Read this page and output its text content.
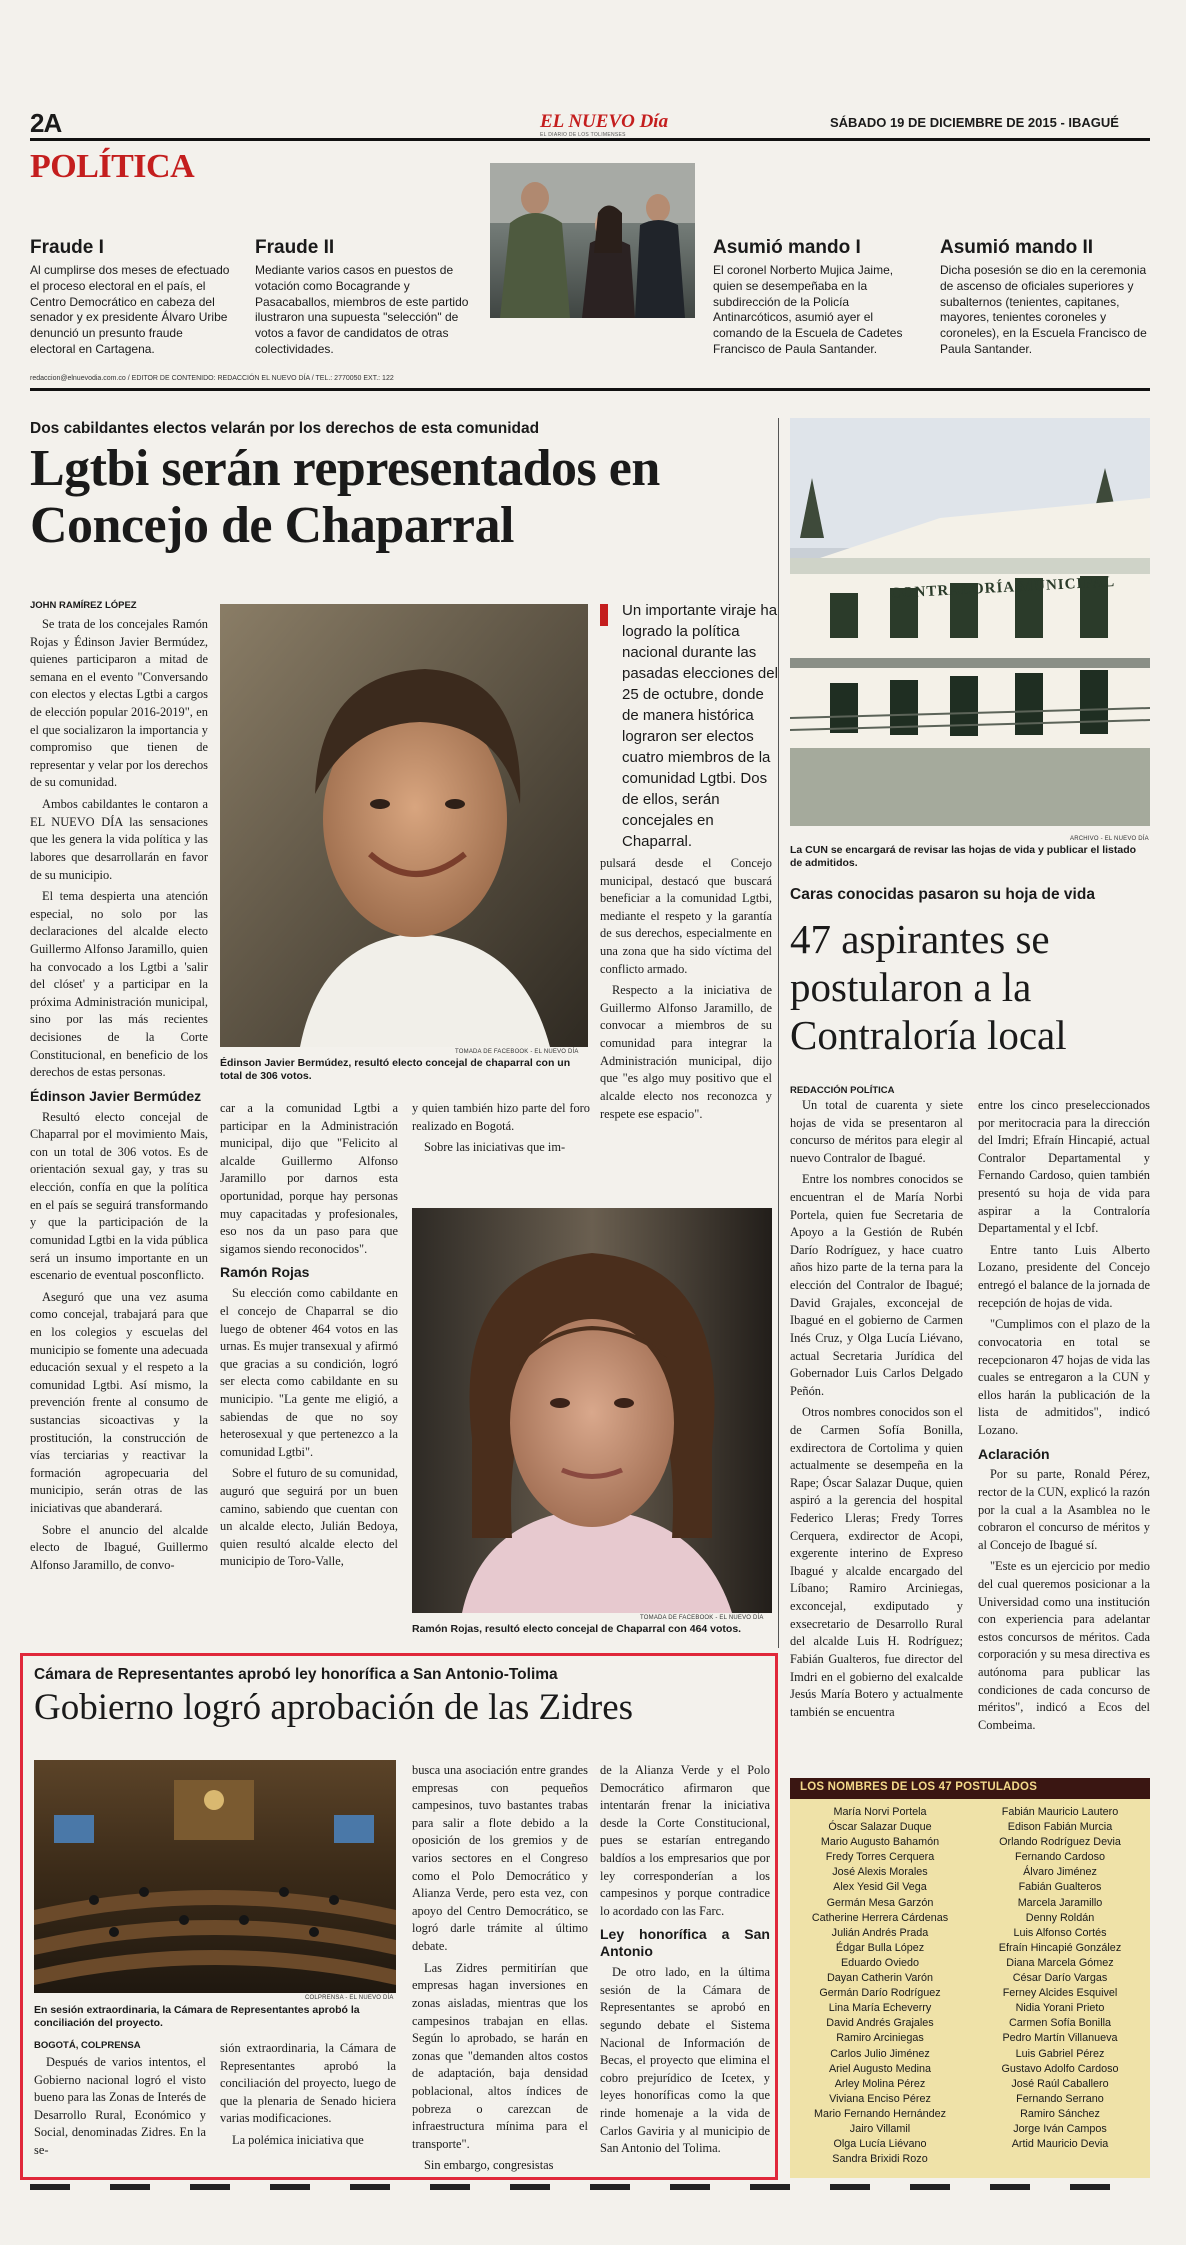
2A	EL NUEVO Día
EL DIARIO DE LOS TOLIMENSES
SÁBADO 19 DE DICIEMBRE DE 2015 - IBAGUÉ
POLÍTICA
Fraude I

Al cumplirse dos meses de efectuado el proceso electoral en el país, el Centro Democrático en cabeza del senador y ex presidente Álvaro Uribe denunció un presunto fraude electoral en Cartagena.

Fraude II

Mediante varios casos en puestos de votación como Bocagrande y Pasacaballos, miembros de este partido ilustraron una supuesta "selección" de votos a favor de candidatos de otras colectividades.

Asumió mando I

El coronel Norberto Mujica Jaime, quien se desempeñaba en la subdirección de la Policía Antinarcóticos, asumió ayer el comando de la Escuela de Cadetes Francisco de Paula Santander.

Asumió mando II

Dicha posesión se dio en la ceremonia de ascenso de oficiales superiores y subalternos (tenientes, capitanes, mayores, tenientes coroneles y coroneles), en la Escuela Francisco de Paula Santander.

redaccion@elnuevodia.com.co / EDITOR DE CONTENIDO: REDACCIÓN EL NUEVO DÍA / TEL.: 2770050 EXT.: 122
Dos cabildantes electos velarán por los derechos de esta comunidad
Lgtbi serán representados en Concejo de Chaparral
JOHN RAMÍREZ LÓPEZ

Se trata de los concejales Ramón Rojas y Édinson Javier Bermúdez, quienes participaron a mitad de semana en el evento "Conversando con electos y electas Lgtbi a cargos de elección popular 2016-2019", en el que socializaron la importancia y compromiso que tienen de representar y velar por los derechos de su comunidad.

Ambos cabildantes le contaron a EL NUEVO DÍA las sensaciones que les genera la vida política y las labores que desarrollarán en favor de su municipio.

El tema despierta una atención especial, no solo por las declaraciones del alcalde electo Guillermo Alfonso Jaramillo, quien ha convocado a los Lgtbi a 'salir del clóset' y a participar en la próxima Administración municipal, sino por las más recientes decisiones de la Corte Constitucional, en beneficio de los derechos de estas personas.

Édinson Javier Bermúdez

Resultó electo concejal de Chaparral por el movimiento Mais, con un total de 306 votos. Es de orientación sexual gay, y tras su elección, confía en que la política en el país se seguirá transformando y que la participación de la comunidad Lgtbi en la vida pública será un insumo importante en un escenario de eventual posconflicto.

Aseguró que una vez asuma como concejal, trabajará para que en los colegios y escuelas del municipio se fomente una adecuada educación sexual y el respeto a la comunidad Lgtbi. Así mismo, la prevención frente al consumo de sustancias sicoactivas y la prostitución, la construcción de vías terciarias y reactivar la formación agropecuaria del municipio, serán otras de las iniciativas que abanderará.

Sobre el anuncio del alcalde electo de Ibagué, Guillermo Alfonso Jaramillo, de convo-

TOMADA DE FACEBOOK - EL NUEVO DÍA
Édinson Javier Bermúdez, resultó electo concejal de chaparral con un total de 306 votos.
Un importante viraje ha logrado la política nacional durante las pasadas elecciones del 25 de octubre, donde de manera histórica lograron ser electos cuatro miembros de la comunidad Lgtbi. Dos de ellos, serán concejales en Chaparral.

pulsará desde el Concejo municipal, destacó que buscará beneficiar a la comunidad Lgtbi, mediante el respeto y la garantía de sus derechos, especialmente en una zona que ha sido víctima del conflicto armado.

Respecto a la iniciativa de Guillermo Alfonso Jaramillo, de convocar a miembros de su comunidad para integrar la Administración municipal, dijo que "es algo muy positivo que el alcalde electo nos reconozca y respete ese espacio".

car a la comunidad Lgtbi a participar en la Administración municipal, dijo que "Felicito al alcalde Guillermo Alfonso Jaramillo por darnos esta oportunidad, porque hay personas muy capacitadas y profesionales, eso nos da un paso para que sigamos siendo reconocidos".

Ramón Rojas

Su elección como cabildante en el concejo de Chaparral se dio luego de obtener 464 votos en las urnas. Es mujer transexual y afirmó que gracias a su condición, logró ser electa como cabildante en su municipio. "La gente me eligió, a sabiendas de que no soy heterosexual y que pertenezco a la comunidad Lgtbi".

Sobre el futuro de su comunidad, auguró que seguirá por un buen camino, sabiendo que cuentan con un alcalde electo, Julián Bedoya, quien resultó alcalde electo del municipio de Toro-Valle,

y quien también hizo parte del foro realizado en Bogotá.

Sobre las iniciativas que im-

TOMADA DE FACEBOOK - EL NUEVO DÍA
Ramón Rojas, resultó electo concejal de Chaparral con 464 votos.
CONTRALORÍA MUNICIPAL
ARCHIVO - EL NUEVO DÍA
La CUN se encargará de revisar las hojas de vida y publicar el listado de admitidos.
Caras conocidas pasaron su hoja de vida
47 aspirantes se postularon a la Contraloría local
REDACCIÓN POLÍTICA

Un total de cuarenta y siete hojas de vida se presentaron al concurso de méritos para elegir al nuevo Contralor de Ibagué.

Entre los nombres conocidos se encuentran el de María Norbi Portela, quien fue Secretaria de Apoyo a la Gestión de Rubén Darío Rodríguez, y hace cuatro años hizo parte de la terna para la elección del Contralor de Ibagué; David Grajales, exconcejal de Ibagué en el gobierno de Carmen Inés Cruz, y Olga Lucía Liévano, actual Secretaria Jurídica del Gobernador Luis Carlos Delgado Peñón.

Otros nombres conocidos son el de Carmen Sofía Bonilla, exdirectora de Cortolima y quien actualmente se desempeña en la Rape; Óscar Salazar Duque, quien aspiró a la gerencia del hospital Federico Lleras; Fredy Torres Cerquera, exdirector de Acopi, exgerente interino de Expreso Ibagué y alcalde encargado del Líbano; Ramiro Arciniegas, exconcejal, exdiputado y exsecretario de Desarrollo Rural del alcalde Luis H. Rodríguez; Fabián Gualteros, fue director del Imdri en el gobierno del exalcalde Jesús María Botero y actualmente también se encuentra

entre los cinco preseleccionados por meritocracia para la dirección del Imdri; Efraín Hincapié, actual Contralor Departamental y Fernando Cardoso, quien también presentó su hoja de vida para aspirar a la Contraloría Departamental y el Icbf.

Entre tanto Luis Alberto Lozano, presidente del Concejo entregó el balance de la jornada de recepción de hojas de vida.

"Cumplimos con el plazo de la convocatoria en total se recepcionaron 47 hojas de vida las cuales se entregaron a la CUN y ellos harán la publicación de la lista de admitidos", indicó Lozano.

Aclaración

Por su parte, Ronald Pérez, rector de la CUN, explicó la razón por la cual a la Asamblea no le cobraron el concurso de méritos y al Concejo de Ibagué sí.

"Este es un ejercicio por medio del cual queremos posicionar a la Universidad como una institución con experiencia para adelantar estos concursos de méritos. Cada corporación y su mesa directiva es autónoma para publicar las condiciones de cada concurso de méritos", indicó a Ecos del Combeima.

LOS NOMBRES DE LOS 47 POSTULADOS
María Norvi Portela
Óscar Salazar Duque
Mario Augusto Bahamón
Fredy Torres Cerquera
José Alexis Morales
Alex Yesid Gil Vega
Germán Mesa Garzón
Catherine Herrera Cárdenas
Julián Andrés Prada
Édgar Bulla López
Eduardo Oviedo
Dayan Catherin Varón
Germán Darío Rodríguez
Lina María Echeverry
David Andrés Grajales
Ramiro Arciniegas
Carlos Julio Jiménez
Ariel Augusto Medina
Arley Molina Pérez
Viviana Enciso Pérez
Mario Fernando Hernández
Jairo Villamil
Olga Lucía Liévano
Sandra Brixidi Rozo
Fabián Mauricio Lautero
Edison Fabián Murcia
Orlando Rodríguez Devia
Fernando Cardoso
Álvaro Jiménez
Fabián Gualteros
Marcela Jaramillo
Denny Roldán
Luis Alfonso Cortés
Efraín Hincapié González
Diana Marcela Gómez
César Darío Vargas
Ferney Alcides Esquivel
Nidia Yorani Prieto
Carmen Sofía Bonilla
Pedro Martín Villanueva
Luis Gabriel Pérez
Gustavo Adolfo Cardoso
José Raúl Caballero
Fernando Serrano
Ramiro Sánchez
Jorge Iván Campos
Artid Mauricio Devia
Cámara de Representantes aprobó ley honorífica a San Antonio-Tolima
Gobierno logró aprobación de las Zidres
COLPRENSA - EL NUEVO DÍA
En sesión extraordinaria, la Cámara de Representantes aprobó la conciliación del proyecto.
BOGOTÁ, COLPRENSA

Después de varios intentos, el Gobierno nacional logró el visto bueno para las Zonas de Interés de Desarrollo Rural, Económico y Social, denominadas Zidres. En la se-

sión extraordinaria, la Cámara de Representantes aprobó la conciliación del proyecto, luego de que la plenaria de Senado hiciera varias modificaciones.

La polémica iniciativa que

busca una asociación entre grandes empresas con pequeños campesinos, tuvo bastantes trabas para salir a flote debido a la oposición de los gremios y de varios sectores en el Congreso como el Polo Democrático y Alianza Verde, pero esta vez, con apoyo del Centro Democrático, se logró darle trámite al último debate.

Las Zidres permitirían que empresas hagan inversiones en zonas aisladas, mientras que los campesinos trabajan en ellas. Según lo aprobado, se harán en zonas que "demanden altos costos de adaptación, baja densidad poblacional, altos índices de pobreza o carezcan de infraestructura mínima para el transporte".

Sin embargo, congresistas

de la Alianza Verde y el Polo Democrático afirmaron que intentarán frenar la iniciativa desde la Corte Constitucional, pues se estarían entregando baldíos a los empresarios que por ley corresponderían a los campesinos y porque contradice lo acordado con las Farc.

Ley honorífica a San Antonio

De otro lado, en la última sesión de la Cámara de Representantes se aprobó en segundo debate el Sistema Nacional de Información de Becas, el proyecto que elimina el cobro prejurídico de Icetex, y leyes honoríficas como la que rinde homenaje a la vida de Carlos Gaviria y al municipio de San Antonio del Tolima.
